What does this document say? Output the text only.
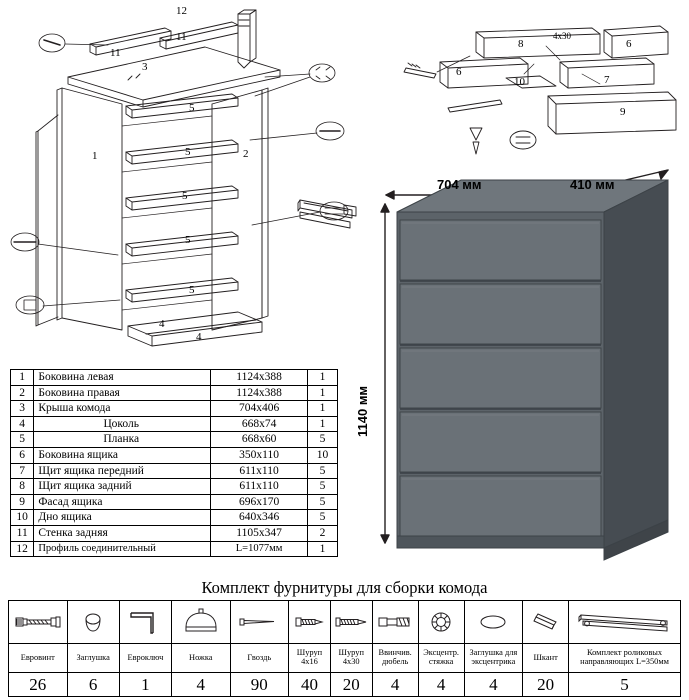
704 мм	410 мм
1140 мм
12
11
11
3
5
5
5
5
5
1	2
4
4
8	6
6
10	7
9
4x30
1	Боковина левая	1124x388	1
2	Боковина правая	1124x388	1
3	Крыша комода	704x406	1
4	Цоколь	668x74	1
5	Планка	668x60	5
6	Боковина ящика	350x110	10
7	Щит ящика передний	611x110	5
8	Щит ящика задний	611x110	5
9	Фасад ящика	696x170	5
10	Дно ящика	640x346	5
11	Стенка задняя	1105x347	2
12	Профиль соединительный	L=1077мм	1
Комплект фурнитуры для сборки комода

Евровинт	Заглушка	Евроключ	Ножка	Гвоздь	Шуруп 4х16	Шуруп 4х30	Ввинчив. дюбель	Эксцентр. стяжка	Заглушка для эксцентрика	Шкант	Комплект роликовых направляющих L=350мм
26	6	1	4	90	40	20	4	4	4	20	5
